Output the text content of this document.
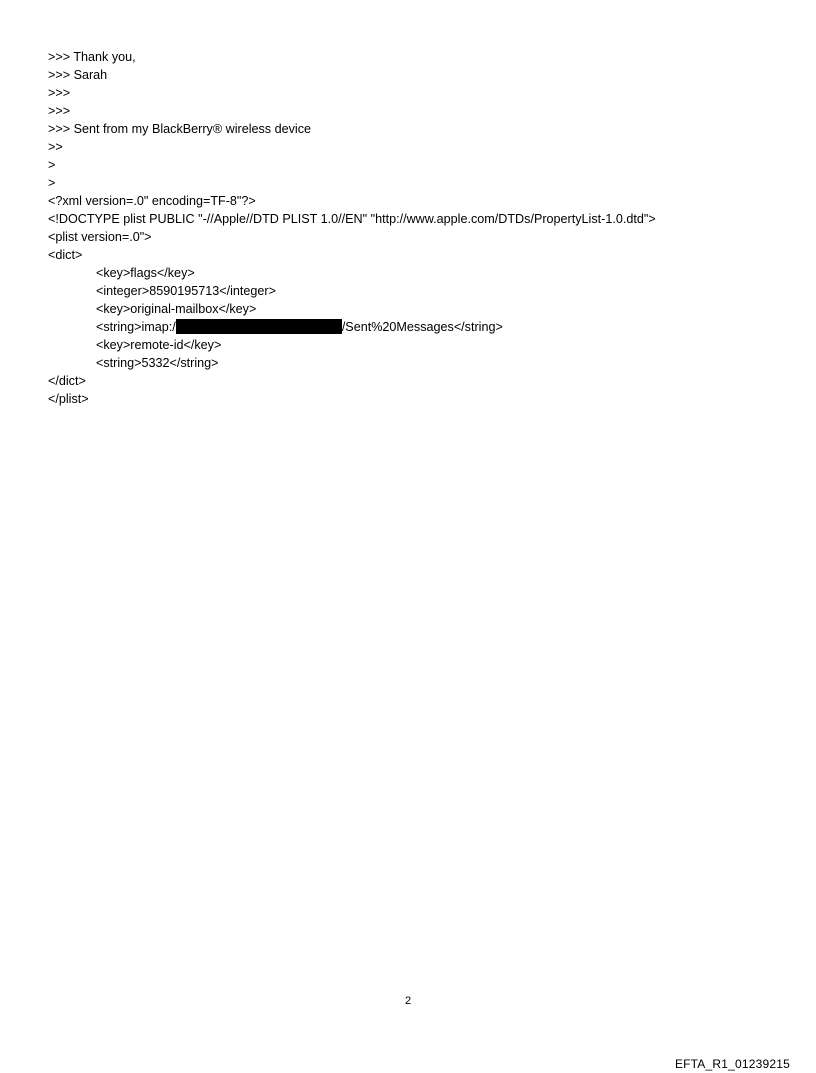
>>> Thank you,

>>> Sarah

>>>

>>>

>>> Sent from my BlackBerry® wireless device

>>

>

>

<?xml version=.0" encoding=TF-8"?>

<!DOCTYPE plist PUBLIC "-//Apple//DTD PLIST 1.0//EN" "http://www.apple.com/DTDs/PropertyList-1.0.dtd">

<plist version=.0">

<dict>

<key>flags</key>

<integer>8590195713</integer>

<key>original-mailbox</key>

<string>imap:/	/Sent%20Messages</string>

<key>remote-id</key>

<string>5332</string>

</dict>

</plist>

2
EFTA_R1_01239215
